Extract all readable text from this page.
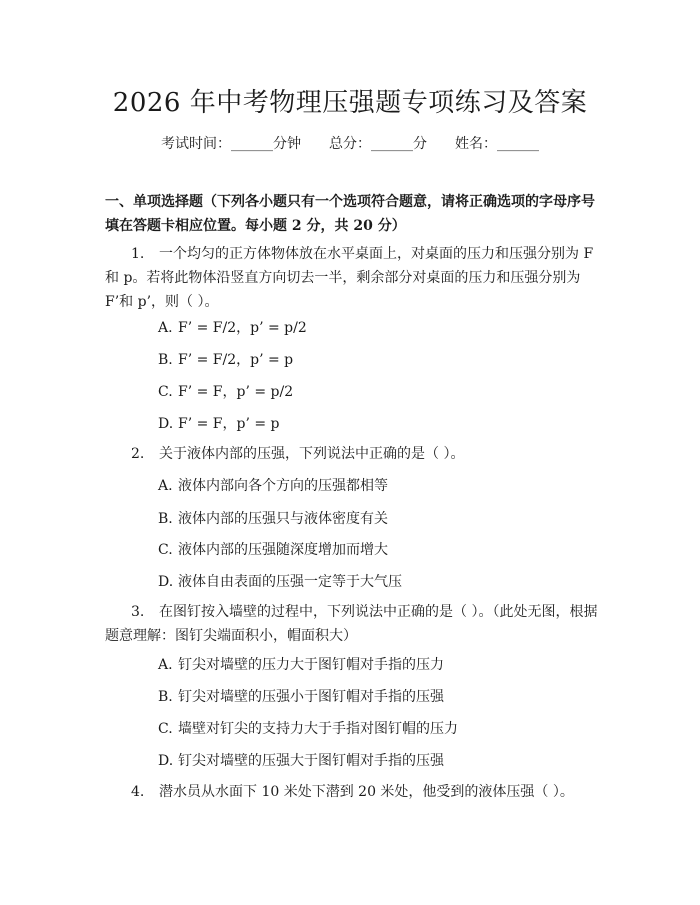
2026 年中考物理压强题专项练习及答案
考试时间：______分钟 总分：______分 姓名：______

一、单项选择题（下列各小题只有一个选项符合题意，请将正确选项的字母序号填在答题卡相应位置。每小题 2 分，共 20 分）

1. 一个均匀的正方体物体放在水平桌面上，对桌面的压力和压强分别为 F 和 p。若将此物体沿竖直方向切去一半，剩余部分对桌面的压力和压强分别为 F’和 p’，则（ ）。

A. F’ = F/2，p’ = p/2
B. F’ = F/2，p’ = p
C. F’ = F，p’ = p/2
D. F’ = F，p’ = p

2. 关于液体内部的压强，下列说法中正确的是（ ）。

A. 液体内部向各个方向的压强都相等
B. 液体内部的压强只与液体密度有关
C. 液体内部的压强随深度增加而增大
D. 液体自由表面的压强一定等于大气压

3. 在图钉按入墙壁的过程中，下列说法中正确的是（ ）。（此处无图，根据题意理解：图钉尖端面积小，帽面积大）

A. 钉尖对墙壁的压力大于图钉帽对手指的压力
B. 钉尖对墙壁的压强小于图钉帽对手指的压强
C. 墙壁对钉尖的支持力大于手指对图钉帽的压力
D. 钉尖对墙壁的压强大于图钉帽对手指的压强

4. 潜水员从水面下 10 米处下潜到 20 米处，他受到的液体压强（ ）。
